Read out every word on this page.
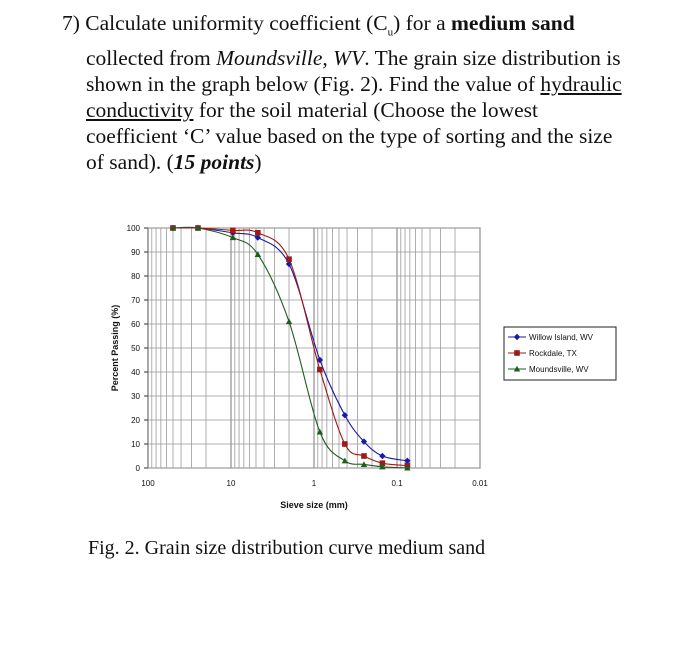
7) Calculate uniformity coefficient $(C_u)$ for a medium sand
collected from Moundsville, WV. The grain size distribution is
shown in the graph below (Fig. 2). Find the value of hydraulic
conductivity for the soil material (Choose the lowest
coefficient ‘C’ value based on the type of sorting and the size
of sand). (15 points)
0
10
20
30
40
50
60
70
80
90
100
100	10	1	0.1	0.01
Sieve size (mm)
Percent Passing (%)	Willow Island, WV
Rockdale, TX
Moundsville, WV

Fig. 2. Grain size distribution curve medium sand
